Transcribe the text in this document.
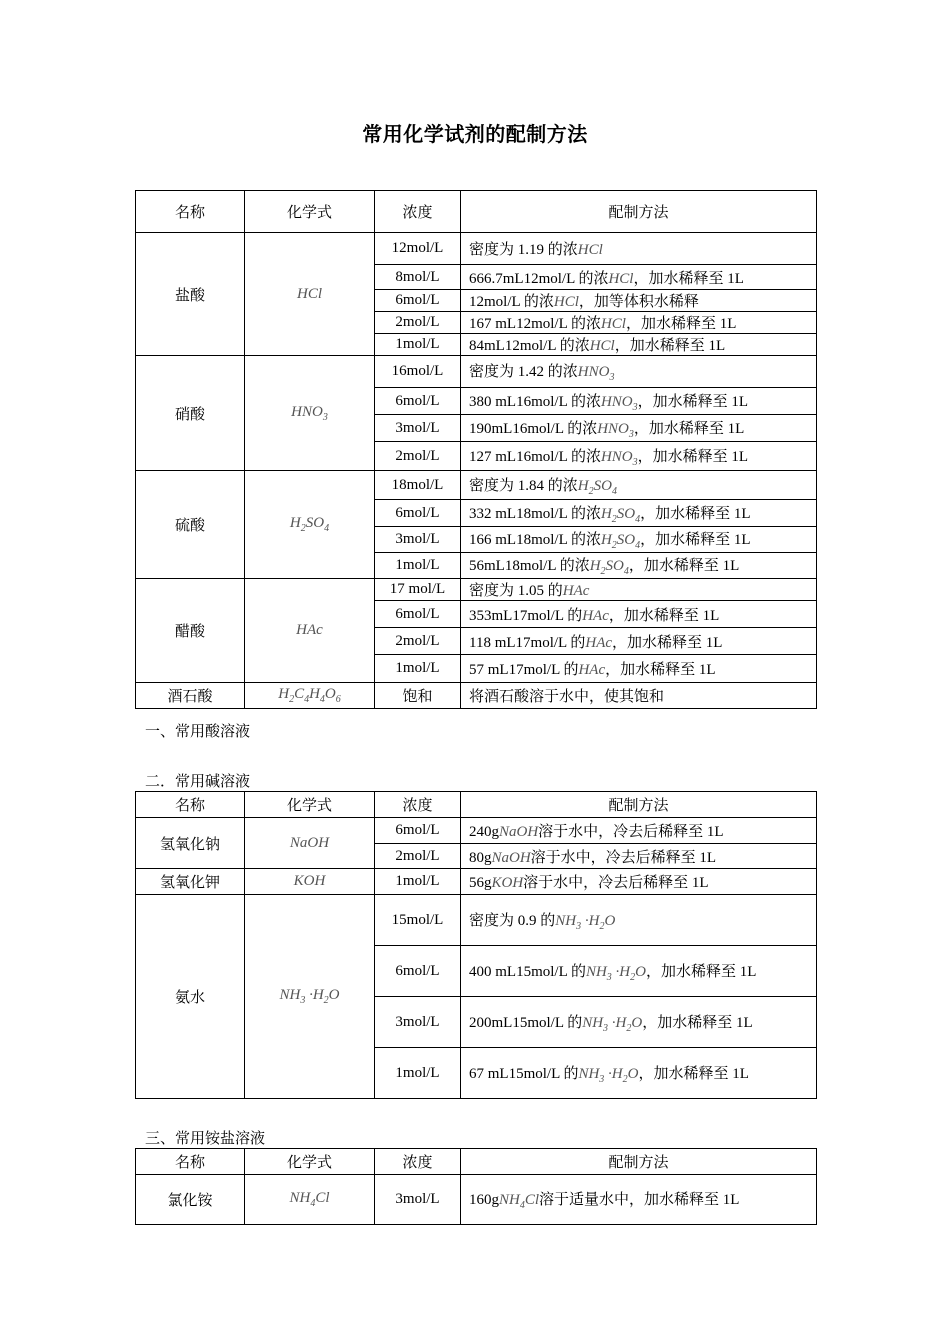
常用化学试剂的配制方法
名称	化学式	浓度	配制方法
盐酸	HCl	12mol/L	密度为 1.19 的浓HCl
		8mol/L	666.7mL12mol/L 的浓HCl，加水稀释至 1L
		6mol/L	12mol/L 的浓HCl，加等体积水稀释
		2mol/L	167 mL12mol/L 的浓HCl，加水稀释至 1L
		1mol/L	84mL12mol/L 的浓HCl，加水稀释至 1L
硝酸	$HNO_3$	16mol/L	密度为 1.42 的浓$HNO_3$
		6mol/L	380 mL16mol/L 的浓$HNO_3$，加水稀释至 1L
		3mol/L	190mL16mol/L 的浓$HNO_3$，加水稀释至 1L
		2mol/L	127 mL16mol/L 的浓$HNO_3$，加水稀释至 1L
硫酸	$H_2SO_4$	18mol/L	密度为 1.84 的浓$H_2SO_4$
		6mol/L	332 mL18mol/L 的浓$H_2SO_4$，加水稀释至 1L
		3mol/L	166 mL18mol/L 的浓$H_2SO_4$，加水稀释至 1L
		1mol/L	56mL18mol/L 的浓$H_2SO_4$，加水稀释至 1L
醋酸	HAc	17 mol/L	密度为 1.05 的HAc
		6mol/L	353mL17mol/L 的HAc，加水稀释至 1L
		2mol/L	118 mL17mol/L 的HAc，加水稀释至 1L
		1mol/L	57 mL17mol/L 的HAc，加水稀释至 1L
酒石酸	$H_2C_4H_4O_6$	饱和	将酒石酸溶于水中，使其饱和
一、常用酸溶液
二．常用碱溶液
名称	化学式	浓度	配制方法
氢氧化钠	NaOH	6mol/L	240gNaOH溶于水中，冷去后稀释至 1L
		2mol/L	80gNaOH溶于水中，冷去后稀释至 1L
氢氧化钾	KOH	1mol/L	56gKOH溶于水中，冷去后稀释至 1L
氨水	$NH_3 \cdot H_2O$	15mol/L	密度为 0.9 的$NH_3 \cdot H_2O$
		6mol/L	400 mL15mol/L 的$NH_3 \cdot H_2O$，加水稀释至 1L
		3mol/L	200mL15mol/L 的$NH_3 \cdot H_2O$，加水稀释至 1L
		1mol/L	67 mL15mol/L 的$NH_3 \cdot H_2O$，加水稀释至 1L
三、常用铵盐溶液
名称	化学式	浓度	配制方法
氯化铵	$NH_4Cl$	3mol/L	160gNH$_4$Cl溶于适量水中，加水稀释至 1L
